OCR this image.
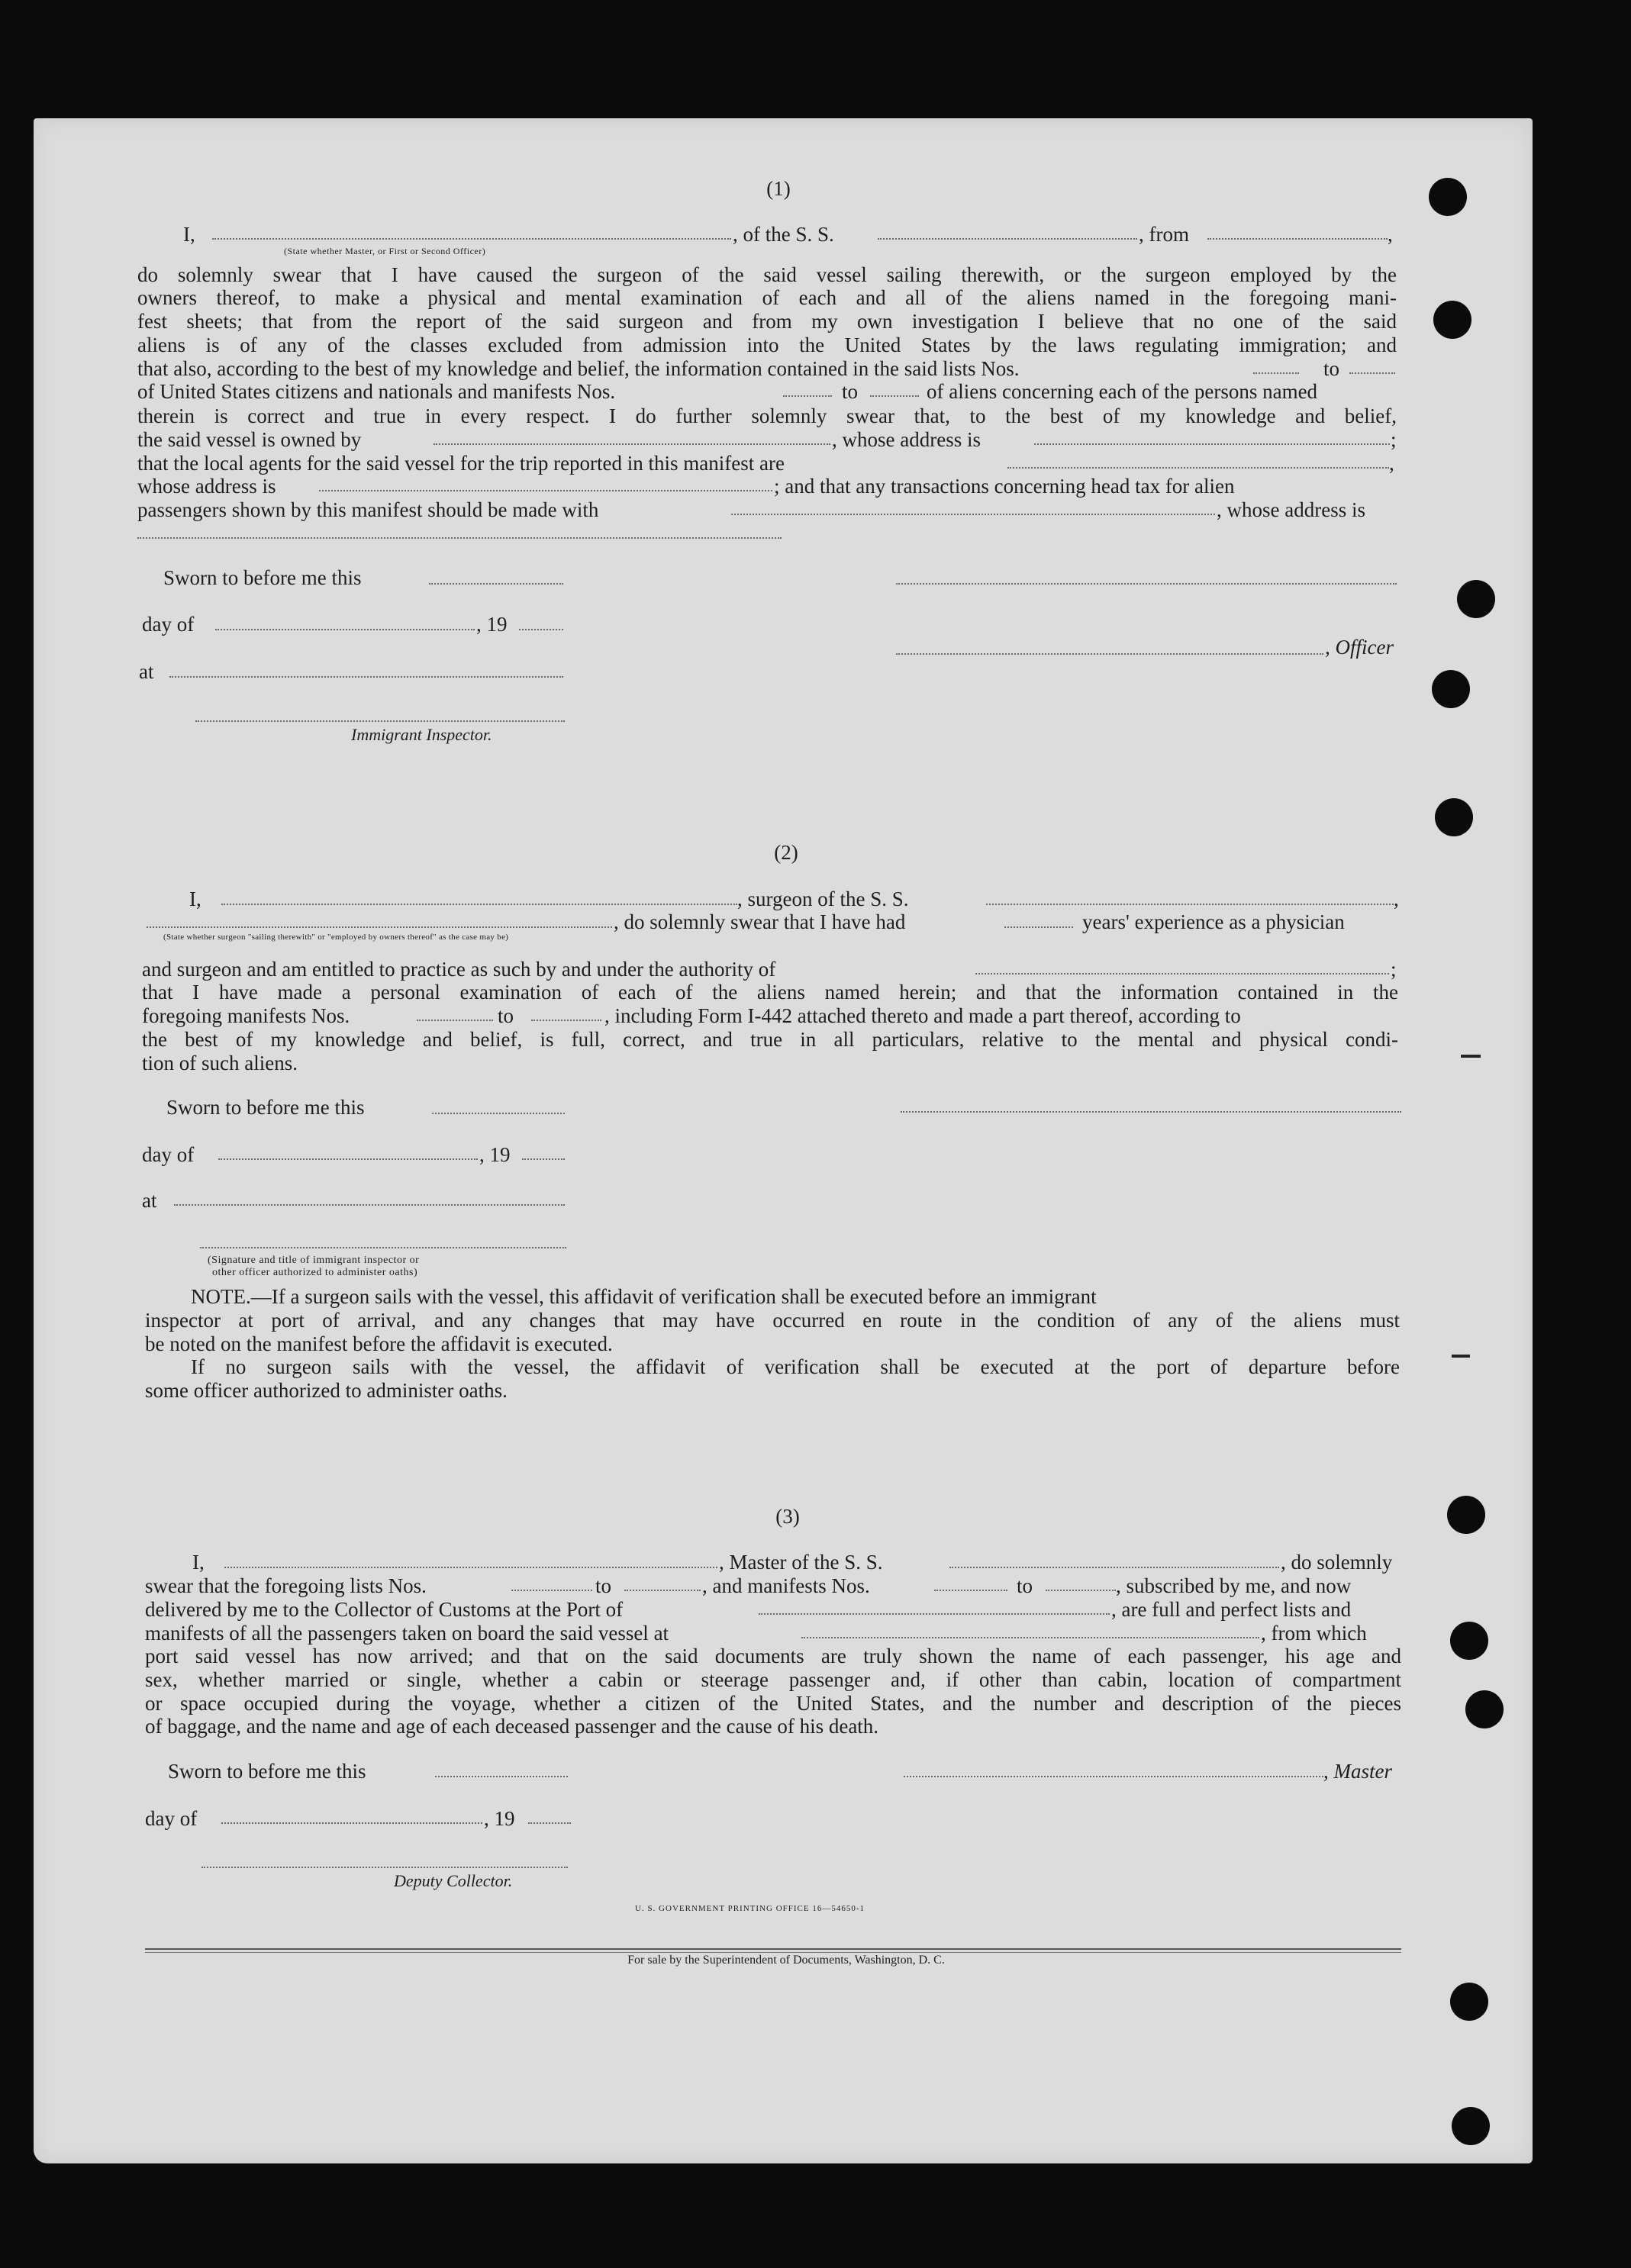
(1)
I,
(State whether Master, or First or Second Officer)
, of the S. S.	, from	,
do solemnly swear that I have caused the surgeon of the said vessel sailing therewith, or the surgeon employed by the
owners thereof, to make a physical and mental examination of each and all of the aliens named in the foregoing mani-
fest sheets; that from the report of the said surgeon and from my own investigation I believe that no one of the said
aliens is of any of the classes excluded from admission into the United States by the laws regulating immigration; and
that also, according to the best of my knowledge and belief, the information contained in the said lists Nos.	to
of United States citizens and nationals and manifests Nos.	to	of aliens concerning each of the persons named
therein is correct and true in every respect. I do further solemnly swear that, to the best of my knowledge and belief,
the said vessel is owned by	, whose address is	;
that the local agents for the said vessel for the trip reported in this manifest are	,
whose address is	; and that any transactions concerning head tax for alien
passengers shown by this manifest should be made with	, whose address is
Sworn to before me this
day of	, 19
, Officer
at
Immigrant Inspector.
(2)
I,	, surgeon of the S. S.	,
, do solemnly swear that I have had	years' experience as a physician
(State whether surgeon "sailing therewith" or "employed by owners thereof" as the case may be)
and surgeon and am entitled to practice as such by and under the authority of	;
that I have made a personal examination of each of the aliens named herein; and that the information contained in the
foregoing manifests Nos.	to	, including Form I-442 attached thereto and made a part thereof, according to
the best of my knowledge and belief, is full, correct, and true in all particulars, relative to the mental and physical condi-
tion of such aliens.
Sworn to before me this
day of	, 19
at
(Signature and title of immigrant inspector or
other officer authorized to administer oaths)
NOTE.—If a surgeon sails with the vessel, this affidavit of verification shall be executed before an immigrant
inspector at port of arrival, and any changes that may have occurred en route in the condition of any of the aliens must
be noted on the manifest before the affidavit is executed.
If no surgeon sails with the vessel, the affidavit of verification shall be executed at the port of departure before
some officer authorized to administer oaths.
(3)
I,	, Master of the S. S.	, do solemnly
swear that the foregoing lists Nos.	to	, and manifests Nos.	to	, subscribed by me, and now
delivered by me to the Collector of Customs at the Port of	, are full and perfect lists and
manifests of all the passengers taken on board the said vessel at	, from which
port said vessel has now arrived; and that on the said documents are truly shown the name of each passenger, his age and
sex, whether married or single, whether a cabin or steerage passenger and, if other than cabin, location of compartment
or space occupied during the voyage, whether a citizen of the United States, and the number and description of the pieces
of baggage, and the name and age of each deceased passenger and the cause of his death.
Sworn to before me this	, Master
day of	, 19
Deputy Collector.
U. S. GOVERNMENT PRINTING OFFICE 16—54650-1
For sale by the Superintendent of Documents, Washington, D. C.
